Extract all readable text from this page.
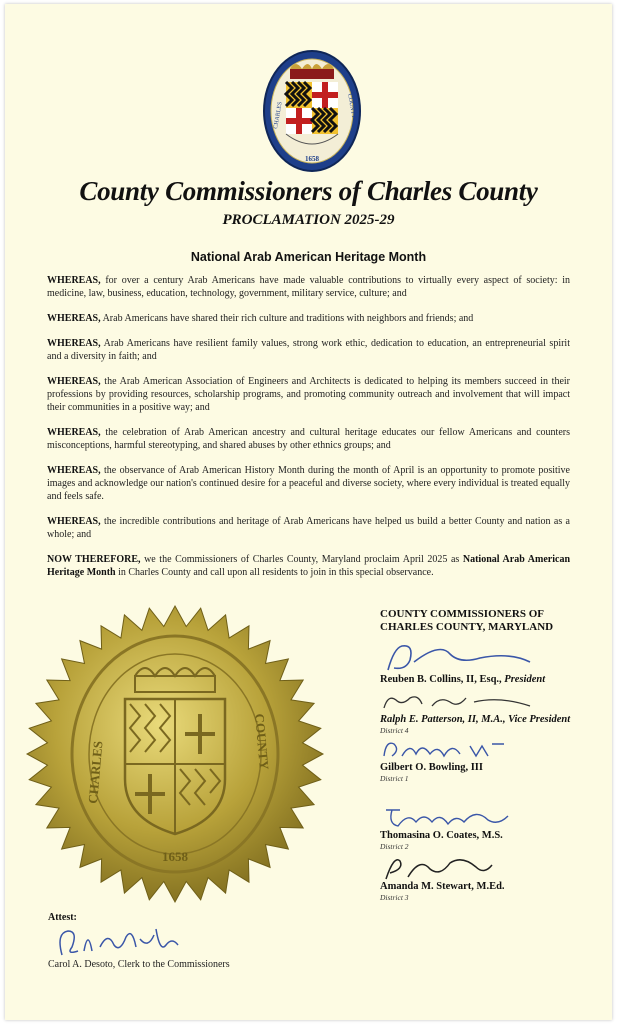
1658
CHARLES	COUNTY
County Commissioners of Charles County
PROCLAMATION 2025-29
National Arab American Heritage Month

WHEREAS, for over a century Arab Americans have made valuable contributions to virtually every aspect of society: in medicine, law, business, education, technology, government, military service, culture; and

WHEREAS, Arab Americans have shared their rich culture and traditions with neighbors and friends; and

WHEREAS, Arab Americans have resilient family values, strong work ethic, dedication to education, an entrepreneurial spirit and a diversity in faith; and

WHEREAS, the Arab American Association of Engineers and Architects is dedicated to helping its members succeed in their professions by providing resources, scholarship programs, and promoting community outreach and involvement that will impact their communities in a positive way; and

WHEREAS, the celebration of Arab American ancestry and cultural heritage educates our fellow Americans and counters misconceptions, harmful stereotyping, and shared abuses by other ethnics groups; and

WHEREAS, the observance of Arab American History Month during the month of April is an opportunity to promote positive images and acknowledge our nation's continued desire for a peaceful and diverse society, where every individual is treated equally and feels safe.

WHEREAS, the incredible contributions and heritage of Arab Americans have helped us build a better County and nation as a whole; and

NOW THEREFORE, we the Commissioners of Charles County, Maryland proclaim April 2025 as National Arab American Heritage Month in Charles County and call upon all residents to join in this special observance.

1658
CHARLES	COUNTY
COUNTY COMMISSIONERS OF
CHARLES COUNTY, MARYLAND
Reuben B. Collins, II, Esq., President
Ralph E. Patterson, II, M.A., Vice President
District 4
Gilbert O. Bowling, III
District 1
Thomasina O. Coates, M.S.
District 2
Amanda M. Stewart, M.Ed.
District 3
Attest:
Carol A. Desoto, Clerk to the Commissioners
